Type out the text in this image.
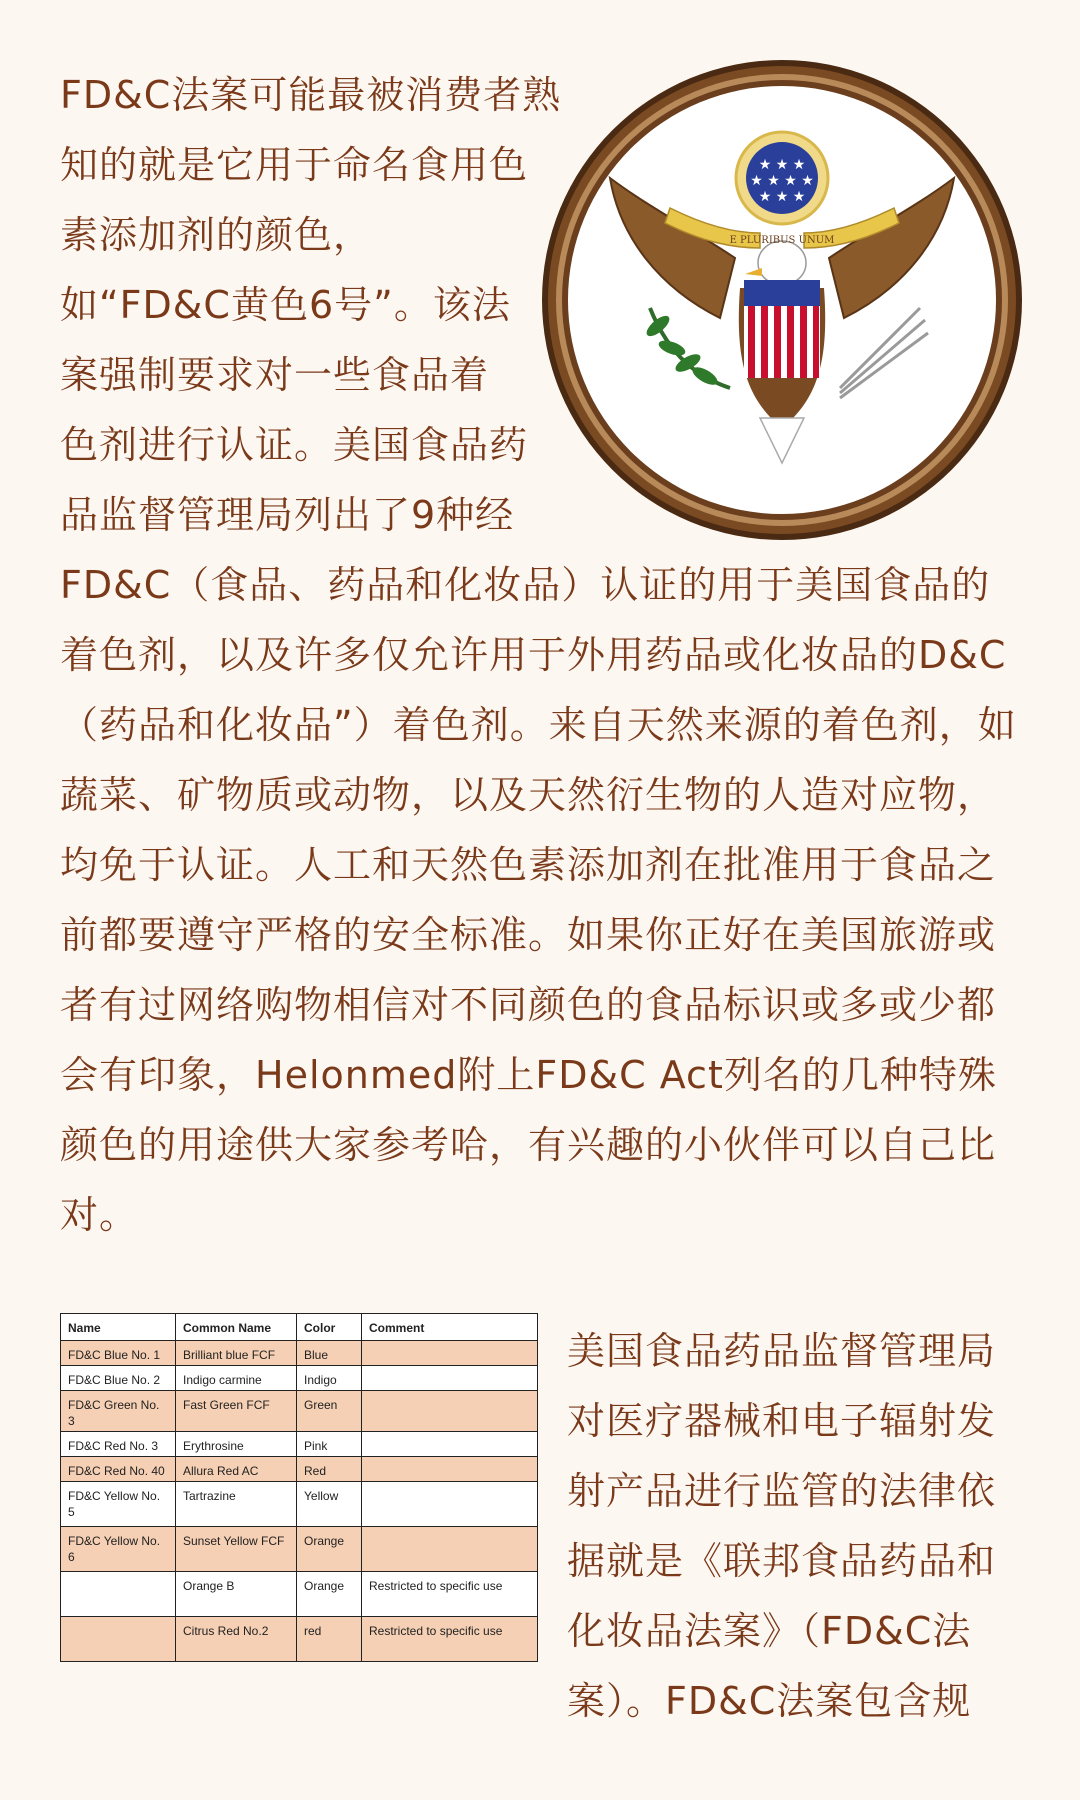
FD&C法案可能最被消费者熟知的就是它用于命名食用色素添加剂的颜色，如“FD&C黄色6号”。该法案强制要求对一些食品着色剂进行认证。美国食品药品监督管理局列出了9种经FD&C（食品、药品和化妆品）认证的用于美国食品的着色剂，以及许多仅允许用于外用药品或化妆品的D&C（药品和化妆品”）着色剂。来自天然来源的着色剂，如蔬菜、矿物质或动物，以及天然衍生物的人造对应物，均免于认证。人工和天然色素添加剂在批准用于食品之前都要遵守严格的安全标准。如果你正好在美国旅游或者有过网络购物相信对不同颜色的食品标识或多或少都会有印象，Helonmed附上FD&C Act列名的几种特殊颜色的用途供大家参考哈，有兴趣的小伙伴可以自己比对。
★ ★ ★
★ ★ ★ ★
★ ★ ★
E PLURIBUS UNUM
Name	Common Name	Color	Comment
FD&C Blue No. 1	Brilliant blue FCF	Blue	
FD&C Blue No. 2	Indigo carmine	Indigo	
FD&C Green No. 3	Fast Green FCF	Green	
FD&C Red No. 3	Erythrosine	Pink	
FD&C Red No. 40	Allura Red AC	Red	
FD&C Yellow No. 5	Tartrazine	Yellow	
FD&C Yellow No. 6	Sunset Yellow FCF	Orange	
	Orange B	Orange	Restricted to specific use
	Citrus Red No.2	red	Restricted to specific use
美国食品药品监督管理局对医疗器械和电子辐射发射产品进行监管的法律依据就是《联邦食品药品和化妆品法案》（FD&C法案）。FD&C法案包含规
